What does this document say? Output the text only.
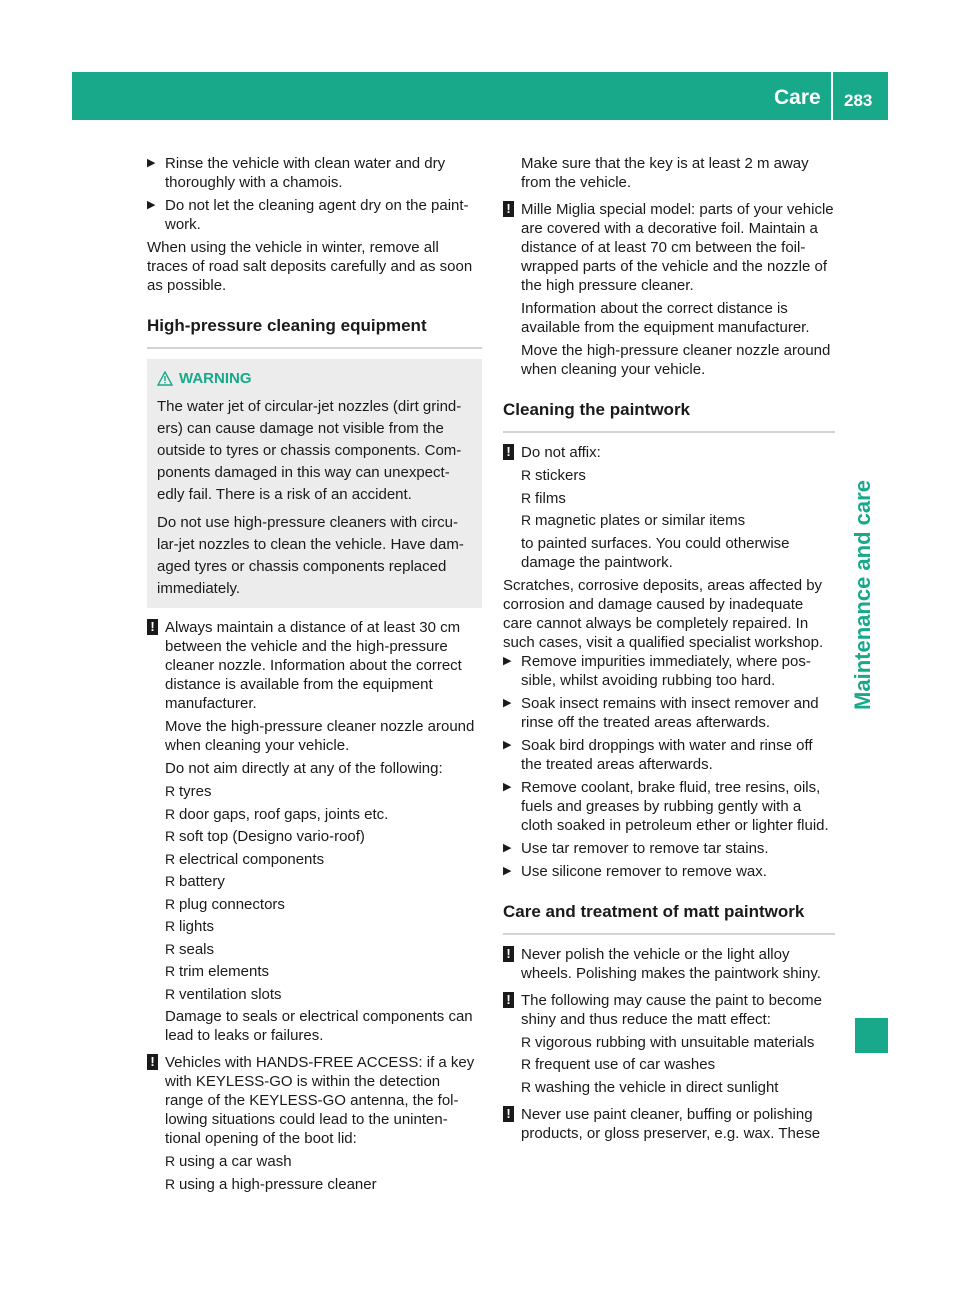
Care 283
Maintenance and care
▶ Rinse the vehicle with clean water and dry thoroughly with a chamois.

▶ Do not let the cleaning agent dry on the paint-work.

When using the vehicle in winter, remove all traces of road salt deposits carefully and as soon as possible.

High-pressure cleaning equipment
WARNING

The water jet of circular-jet nozzles (dirt grind-ers) can cause damage not visible from the outside to tyres or chassis components. Com-ponents damaged in this way can unexpect-edly fail. There is a risk of an accident.

Do not use high-pressure cleaners with circu-lar-jet nozzles to clean the vehicle. Have dam-aged tyres or chassis components replaced immediately.

! Always maintain a distance of at least 30 cm between the vehicle and the high-pressure cleaner nozzle. Information about the correct distance is available from the equipment manufacturer.

Move the high-pressure cleaner nozzle around when cleaning your vehicle.

Do not aim directly at any of the following:

R tyres
R door gaps, roof gaps, joints etc.
R soft top (Designo vario-roof)
R electrical components
R battery
R plug connectors
R lights
R seals
R trim elements
R ventilation slots

Damage to seals or electrical components can lead to leaks or failures.

! Vehicles with HANDS-FREE ACCESS: if a key with KEYLESS-GO is within the detection range of the KEYLESS-GO antenna, the fol-lowing situations could lead to the uninten-tional opening of the boot lid:

R using a car wash
R using a high-pressure cleaner

Make sure that the key is at least 2 m away from the vehicle.

! Mille Miglia special model: parts of your vehicle are covered with a decorative foil. Maintain a distance of at least 70 cm between the foil-wrapped parts of the vehicle and the nozzle of the high pressure cleaner.

Information about the correct distance is available from the equipment manufacturer.

Move the high-pressure cleaner nozzle around when cleaning your vehicle.

Cleaning the paintwork
! Do not affix:

R stickers
R films
R magnetic plates or similar items

to painted surfaces. You could otherwise damage the paintwork.

Scratches, corrosive deposits, areas affected by corrosion and damage caused by inadequate care cannot always be completely repaired. In such cases, visit a qualified specialist workshop.

▶ Remove impurities immediately, where pos-sible, whilst avoiding rubbing too hard.

▶ Soak insect remains with insect remover and rinse off the treated areas afterwards.

▶ Soak bird droppings with water and rinse off the treated areas afterwards.

▶ Remove coolant, brake fluid, tree resins, oils, fuels and greases by rubbing gently with a cloth soaked in petroleum ether or lighter fluid.

▶ Use tar remover to remove tar stains.

▶ Use silicone remover to remove wax.

Care and treatment of matt paintwork
! Never polish the vehicle or the light alloy wheels. Polishing makes the paintwork shiny.

! The following may cause the paint to become shiny and thus reduce the matt effect:

R vigorous rubbing with unsuitable materials
R frequent use of car washes
R washing the vehicle in direct sunlight
! Never use paint cleaner, buffing or polishing products, or gloss preserver, e.g. wax. These
